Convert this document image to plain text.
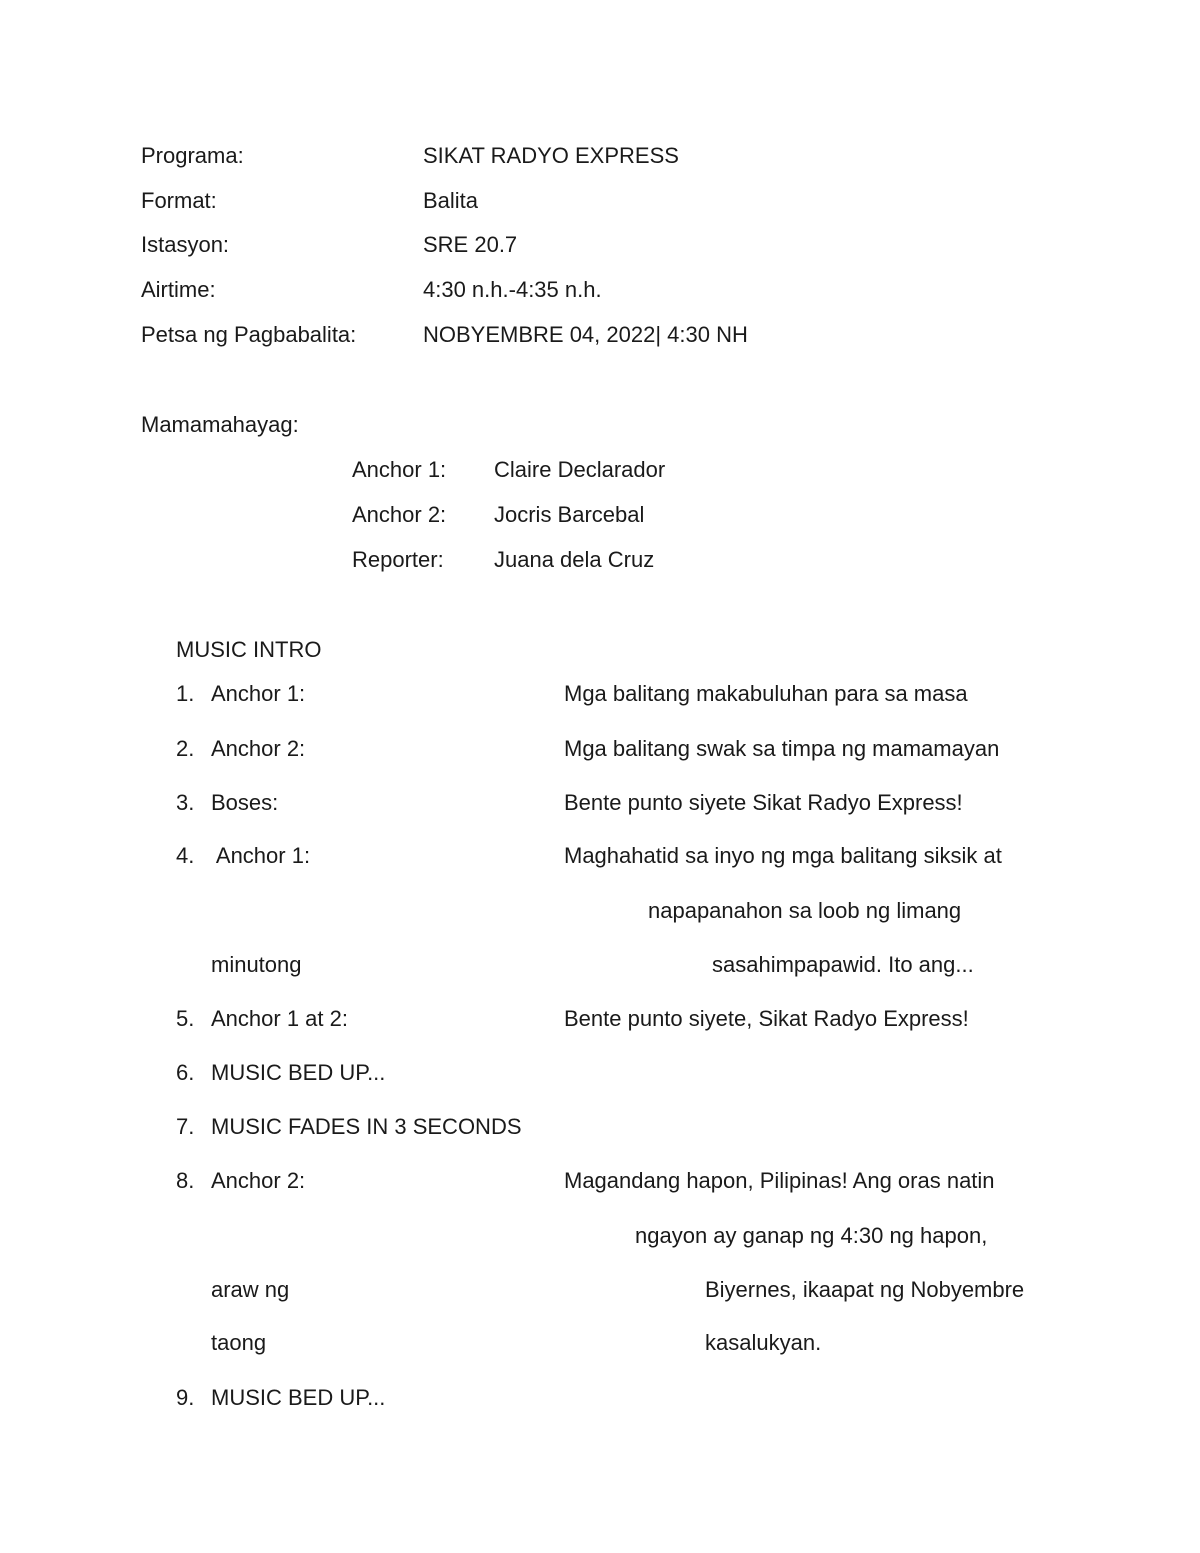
Programa:	SIKAT RADYO EXPRESS
Format:	Balita
Istasyon:	SRE 20.7
Airtime:	4:30 n.h.-4:35 n.h.
Petsa ng Pagbabalita:	NOBYEMBRE 04, 2022| 4:30 NH
Mamamahayag:
Anchor 1: Claire Declarador
Anchor 2: Jocris Barcebal
Reporter: Juana dela Cruz
MUSIC INTRO
1. Anchor 1:	Mga balitang makabuluhan para sa masa
2. Anchor 2:	Mga balitang swak sa timpa ng mamamayan
3. Boses:	Bente punto siyete Sikat Radyo Express!
4. Anchor 1:	Maghahatid sa inyo ng mga balitang siksik at
napapanahon sa loob ng limang
minutong	sasahimpapawid. Ito ang...
5. Anchor 1 at 2:	Bente punto siyete, Sikat Radyo Express!
6. MUSIC BED UP...
7. MUSIC FADES IN 3 SECONDS
8. Anchor 2:	Magandang hapon, Pilipinas! Ang oras natin
ngayon ay ganap ng 4:30 ng hapon,
araw ng	Biyernes, ikaapat ng Nobyembre
taong	kasalukyan.
9. MUSIC BED UP...
